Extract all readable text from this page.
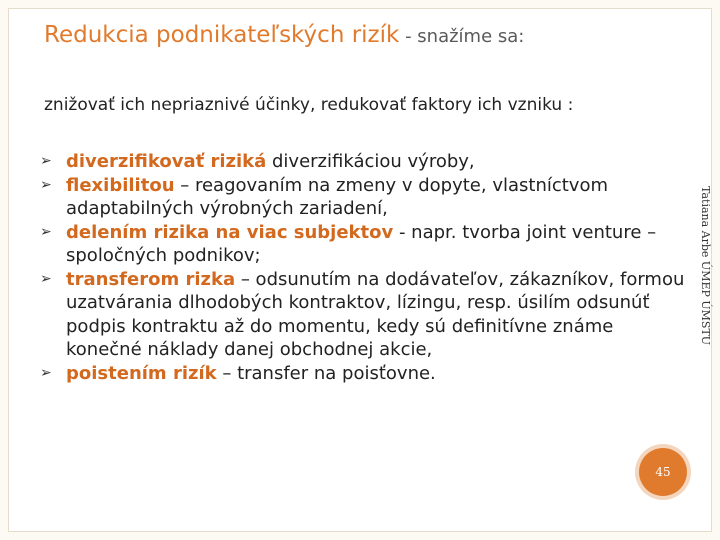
Redukcia podnikateľských rizík - snažíme sa:
znižovať ich nepriaznivé účinky, redukovať faktory ich vzniku :
➢ diverzifikovať riziká diverzifikáciou výroby,
➢ flexibilitou – reagovaním na zmeny v dopyte, vlastníctvom adaptabilných výrobných zariadení,
➢ delením rizika na viac subjektov - napr. tvorba joint venture – spoločných podnikov;
➢ transferom rizka – odsunutím na dodávateľov, zákazníkov, formou uzatvárania dlhodobých kontraktov, lízingu, resp. úsilím odsunúť podpis kontraktu až do momentu, kedy sú definitívne známe konečné náklady danej obchodnej akcie,
➢ poistením rizík – transfer na poisťovne.
Tatiana Arbe ÚMEP ÚMSTU
45
